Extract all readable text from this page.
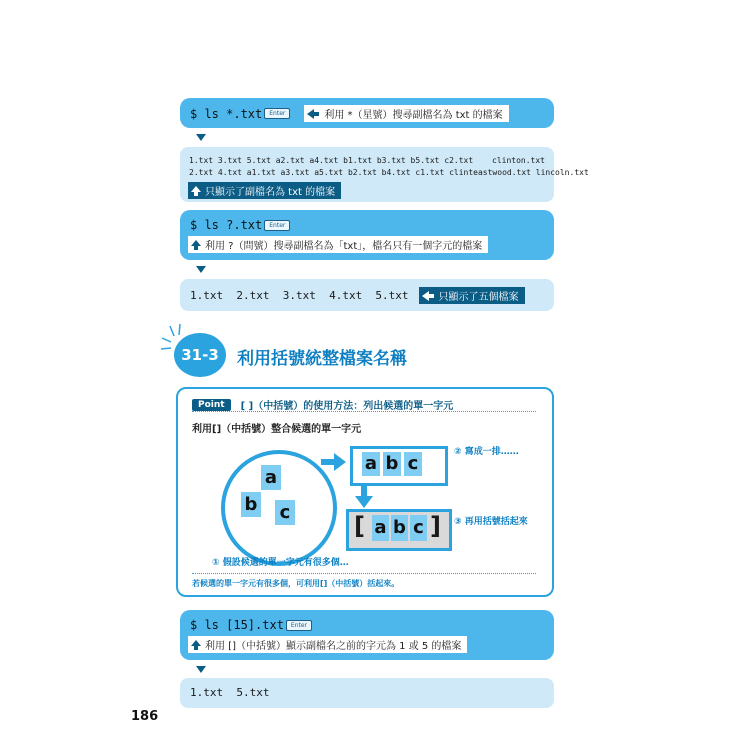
$ ls *.txt	Enter	利用 *（星號）搜尋副檔名為 txt 的檔案
1.txt 3.txt 5.txt a2.txt a4.txt b1.txt b3.txt b5.txt c2.txt clinton.txt
2.txt 4.txt a1.txt a3.txt a5.txt b2.txt b4.txt c1.txt clinteastwood.txt lincoln.txt
只顯示了副檔名為 txt 的檔案
$ ls ?.txt	Enter
利用 ?（問號）搜尋副檔名為「txt」，檔名只有一個字元的檔案
1.txt  2.txt  3.txt  4.txt  5.txt	只顯示了五個檔案
31-3 利用括號統整檔案名稱
Point	[ ]（中括號）的使用方法：列出候選的單一字元
利用[]（中括號）整合候選的單一字元
a
b c
a b c
② 寫成一排……
[ a b c ] ③ 再用括號括起來
① 假設候選的單一字元有很多個…
若候選的單一字元有很多個，可利用[]（中括號）括起來。
$ ls [15].txt	Enter
利用 []（中括號）顯示副檔名之前的字元為 1 或 5 的檔案
1.txt  5.txt
186
